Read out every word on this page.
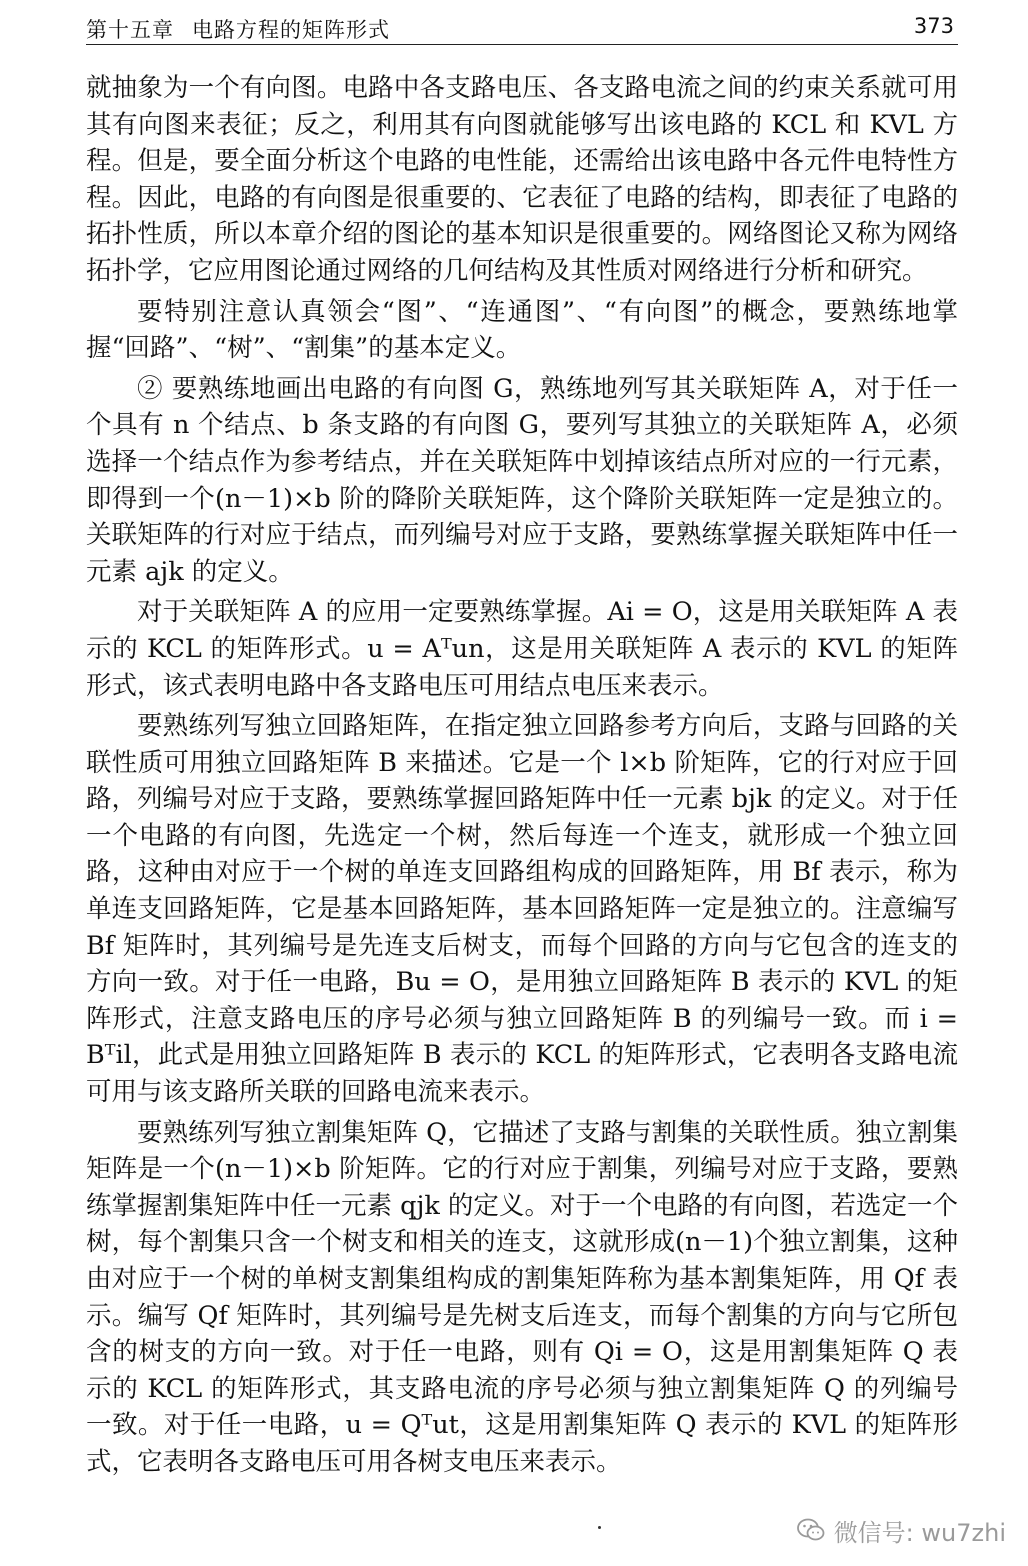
第十五章 电路方程的矩阵形式	373

就抽象为一个有向图。电路中各支路电压、各支路电流之间的约束关系就可用其有向图来表征；反之，利用其有向图就能够写出该电路的 KCL 和 KVL 方程。但是，要全面分析这个电路的电性能，还需给出该电路中各元件电特性方程。因此，电路的有向图是很重要的、它表征了电路的结构，即表征了电路的拓扑性质，所以本章介绍的图论的基本知识是很重要的。网络图论又称为网络拓扑学，它应用图论通过网络的几何结构及其性质对网络进行分析和研究。

要特别注意认真领会“图”、“连通图”、“有向图”的概念，要熟练地掌握“回路”、“树”、“割集”的基本定义。

② 要熟练地画出电路的有向图 G，熟练地列写其关联矩阵 A，对于任一个具有 n 个结点、b 条支路的有向图 G，要列写其独立的关联矩阵 A，必须选择一个结点作为参考结点，并在关联矩阵中划掉该结点所对应的一行元素，即得到一个(n－1)×b 阶的降阶关联矩阵，这个降阶关联矩阵一定是独立的。关联矩阵的行对应于结点，而列编号对应于支路，要熟练掌握关联矩阵中任一元素 ajk 的定义。

对于关联矩阵 A 的应用一定要熟练掌握。Ai = O，这是用关联矩阵 A 表示的 KCL 的矩阵形式。u = Aᵀun，这是用关联矩阵 A 表示的 KVL 的矩阵形式，该式表明电路中各支路电压可用结点电压来表示。

要熟练列写独立回路矩阵，在指定独立回路参考方向后，支路与回路的关联性质可用独立回路矩阵 B 来描述。它是一个 l×b 阶矩阵，它的行对应于回路，列编号对应于支路，要熟练掌握回路矩阵中任一元素 bjk 的定义。对于任一个电路的有向图，先选定一个树，然后每连一个连支，就形成一个独立回路，这种由对应于一个树的单连支回路组构成的回路矩阵，用 Bf 表示，称为单连支回路矩阵，它是基本回路矩阵，基本回路矩阵一定是独立的。注意编写 Bf 矩阵时，其列编号是先连支后树支，而每个回路的方向与它包含的连支的方向一致。对于任一电路，Bu = O，是用独立回路矩阵 B 表示的 KVL 的矩阵形式，注意支路电压的序号必须与独立回路矩阵 B 的列编号一致。而 i = Bᵀil，此式是用独立回路矩阵 B 表示的 KCL 的矩阵形式，它表明各支路电流可用与该支路所关联的回路电流来表示。

要熟练列写独立割集矩阵 Q，它描述了支路与割集的关联性质。独立割集矩阵是一个(n－1)×b 阶矩阵。它的行对应于割集，列编号对应于支路，要熟练掌握割集矩阵中任一元素 qjk 的定义。对于一个电路的有向图，若选定一个树，每个割集只含一个树支和相关的连支，这就形成(n－1)个独立割集，这种由对应于一个树的单树支割集组构成的割集矩阵称为基本割集矩阵，用 Qf 表示。编写 Qf 矩阵时，其列编号是先树支后连支，而每个割集的方向与它所包含的树支的方向一致。对于任一电路，则有 Qi = O，这是用割集矩阵 Q 表示的 KCL 的矩阵形式，其支路电流的序号必须与独立割集矩阵 Q 的列编号一致。对于任一电路，u = Qᵀut，这是用割集矩阵 Q 表示的 KVL 的矩阵形式，它表明各支路电压可用各树支电压来表示。

微信号: wu7zhi
